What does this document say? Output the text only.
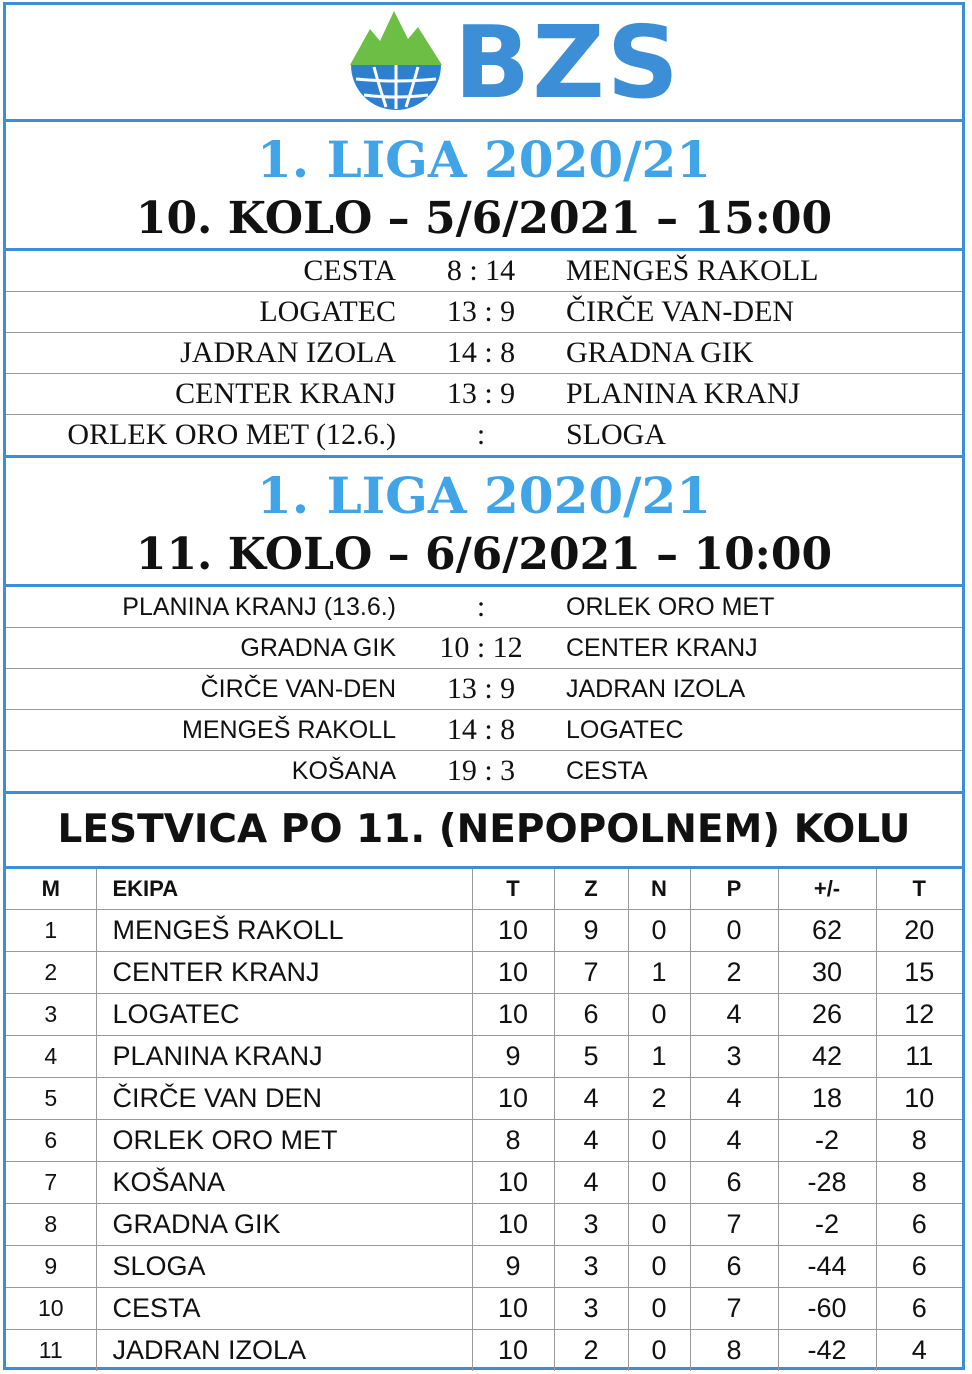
BZS
1. LIGA 2020/21
10. KOLO – 5/6/2021 – 15:00
CESTA	8 : 14	MENGEŠ RAKOLL
LOGATEC	13 : 9	ČIRČE VAN-DEN
JADRAN IZOLA	14 : 8	GRADNA GIK
CENTER KRANJ	13 : 9	PLANINA KRANJ
ORLEK ORO MET (12.6.)	:	SLOGA
1. LIGA 2020/21
11. KOLO – 6/6/2021 – 10:00
PLANINA KRANJ (13.6.)	:	ORLEK ORO MET
GRADNA GIK	10 : 12	CENTER KRANJ
ČIRČE VAN-DEN	13 : 9	JADRAN IZOLA
MENGEŠ RAKOLL	14 : 8	LOGATEC
KOŠANA	19 : 3	CESTA
LESTVICA PO 11. (NEPOPOLNEM) KOLU
M	EKIPA	T	Z	N	P	+/-	T
1	MENGEŠ RAKOLL	10	9	0	0	62	20
2	CENTER KRANJ	10	7	1	2	30	15
3	LOGATEC	10	6	0	4	26	12
4	PLANINA KRANJ	9	5	1	3	42	11
5	ČIRČE VAN DEN	10	4	2	4	18	10
6	ORLEK ORO MET	8	4	0	4	-2	8
7	KOŠANA	10	4	0	6	-28	8
8	GRADNA GIK	10	3	0	7	-2	6
9	SLOGA	9	3	0	6	-44	6
10	CESTA	10	3	0	7	-60	6
11	JADRAN IZOLA	10	2	0	8	-42	4
